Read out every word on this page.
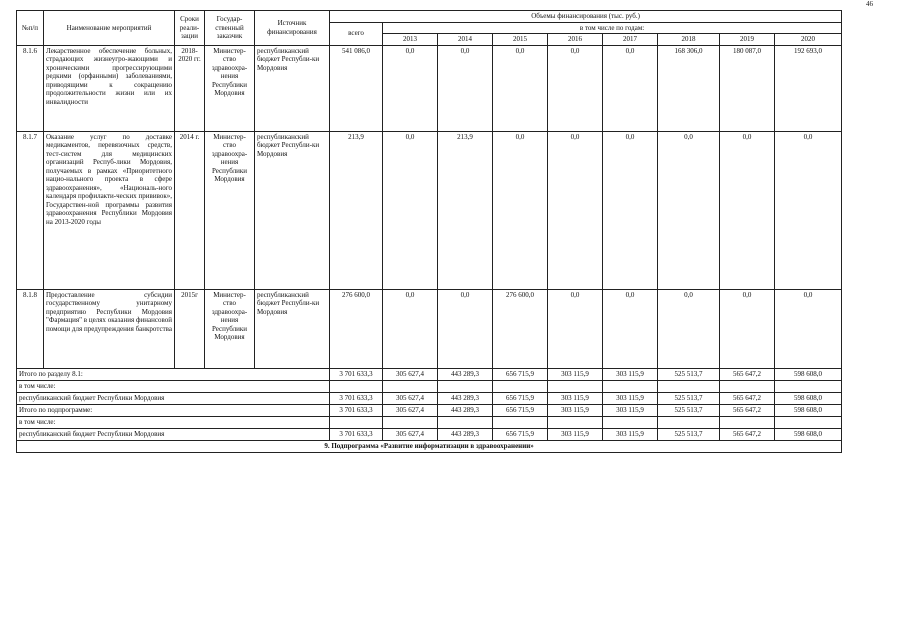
46
№п/п	Наименование мероприятий	Сроки реали-зации	Государ-ственный заказчик	Источник финансирования	Объемы финансирования (тыс. руб.)								
					всего	в том числе по годам:							
						2013	2014	2015	2016	2017	2018	2019	2020
8.1.6	Лекарственное обеспечение больных, страдающих жизнеугро-жающими и хроническими прогрессирующими редкими (орфанными) заболеваниями, приводящими к сокращению продолжительности жизни или их инвалидности	2018-2020 гг.	Министер-ство здравоохра-нения Республики Мордовия	республиканский бюджет Республи-ки Мордовия	541 086,0	0,0	0,0	0,0	0,0	0,0	168 306,0	180 087,0	192 693,0
8.1.7	Оказание услуг по доставке медикаментов, перевязочных средств, тест-систем для медицинских организаций Респуб-лики Мордовия, получаемых в рамках «Приоритетного нацио-нального проекта в сфере здравоохранения», «Националь-ного календаря профилакти-ческих прививок», Государствен-ной программы развития здравоохранения Республики Мордовия на 2013-2020 годы	2014 г.	Министер-ство здравоохра-нения Республики Мордовия	республиканский бюджет Республи-ки Мордовия	213,9	0,0	213,9	0,0	0,0	0,0	0,0	0,0	0,0
8.1.8	Предоставление субсидии государственному унитарному предприятию Республики Мордовия "Фармация" в целях оказания финансовой помощи для предупреждения банкротства	2015г	Министер-ство здравоохра-нения Республики Мордовия	республиканский бюджет Республи-ки Мордовия	276 600,0	0,0	0,0	276 600,0	0,0	0,0	0,0	0,0	0,0
Итого по разделу 8.1:					3 701 633,3	305 627,4	443 289,3	656 715,9	303 115,9	303 115,9	525 513,7	565 647,2	598 608,0
в том числе:													
республиканский бюджет Республики Мордовия					3 701 633,3	305 627,4	443 289,3	656 715,9	303 115,9	303 115,9	525 513,7	565 647,2	598 608,0
Итого по подпрограмме:					3 701 633,3	305 627,4	443 289,3	656 715,9	303 115,9	303 115,9	525 513,7	565 647,2	598 608,0
в том числе:													
республиканский бюджет Республики Мордовия					3 701 633,3	305 627,4	443 289,3	656 715,9	303 115,9	303 115,9	525 513,7	565 647,2	598 608,0
9. Подпрограмма «Развитие информатизации в здравоохранении»													
